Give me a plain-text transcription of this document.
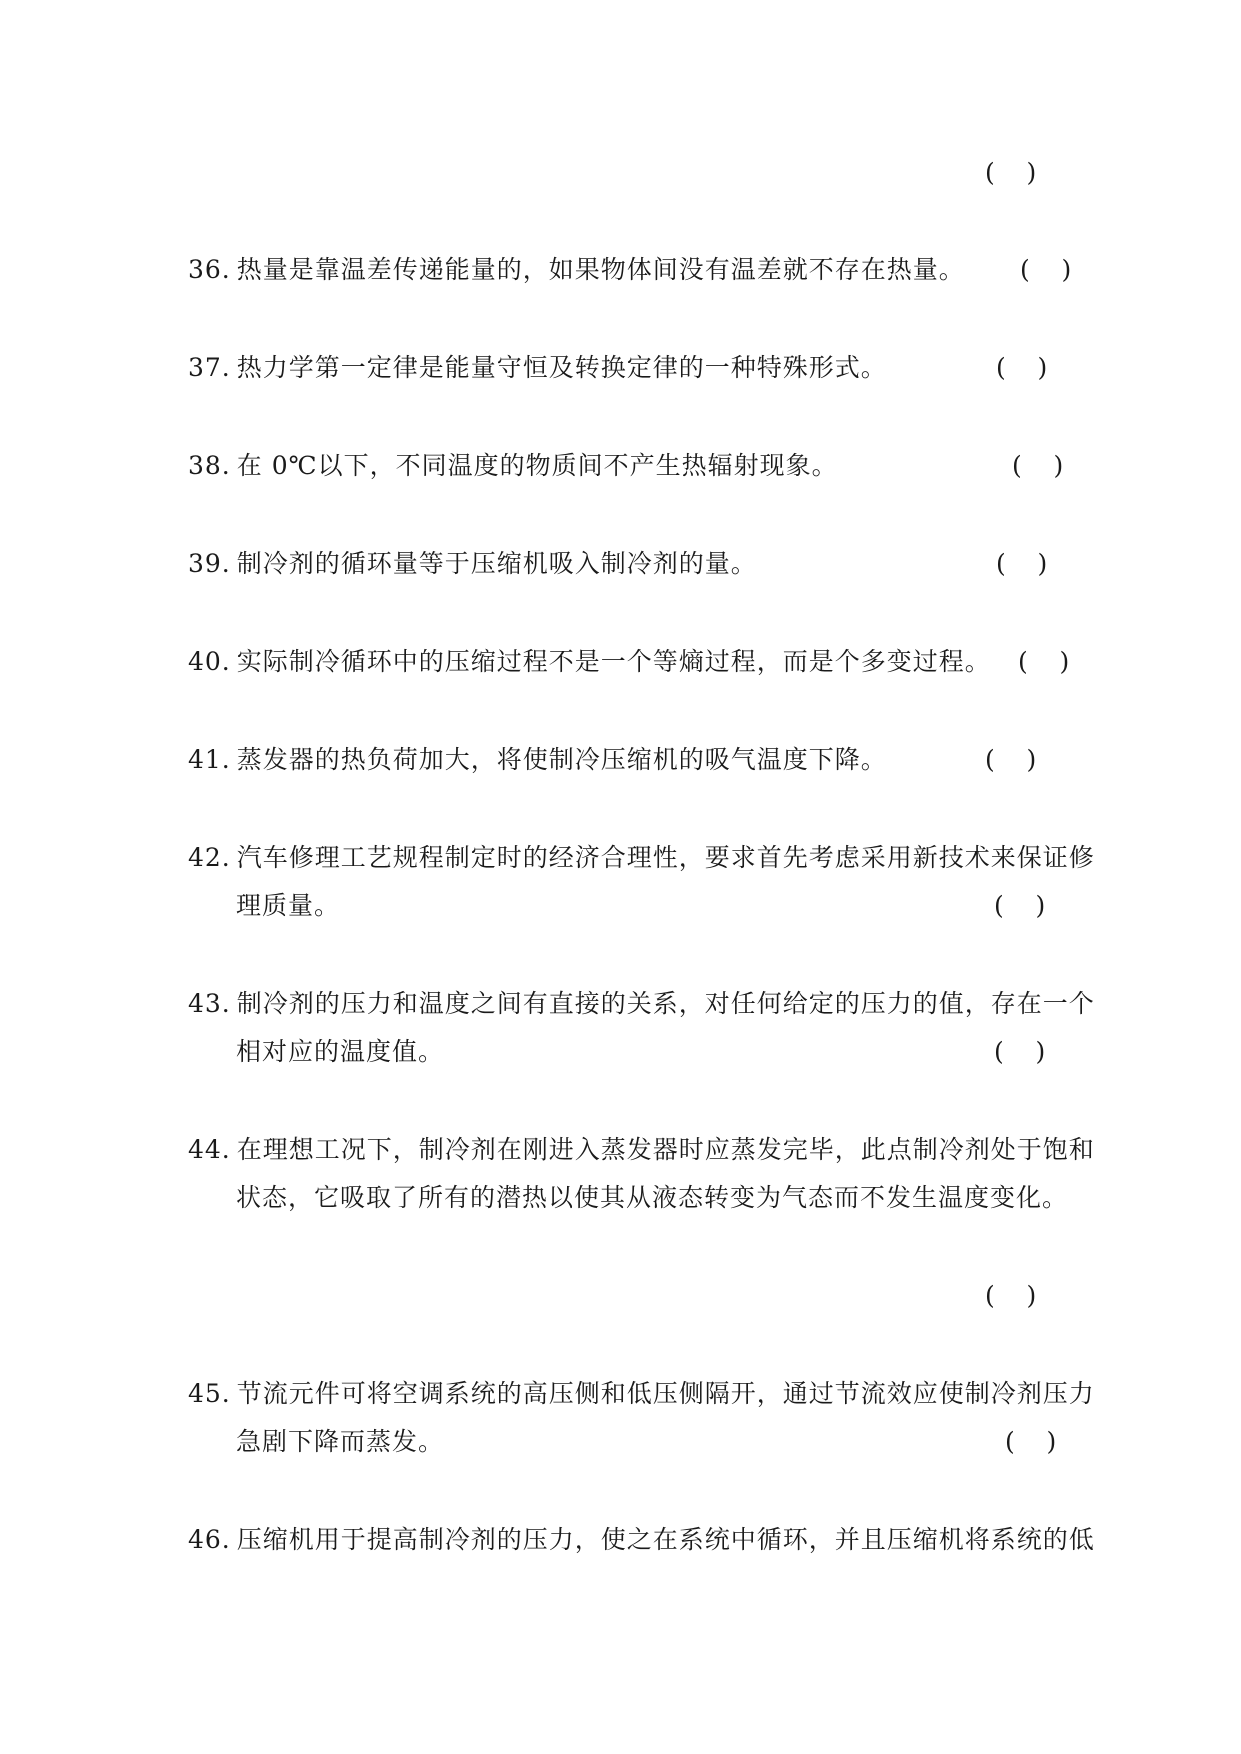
(    )
36. 热量是靠温差传递能量的，如果物体间没有温差就不存在热量。 (    )
37. 热力学第一定律是能量守恒及转换定律的一种特殊形式。	(    )
38. 在 0℃以下，不同温度的物质间不产生热辐射现象。	(    )
39. 制冷剂的循环量等于压缩机吸入制冷剂的量。	(    )
40. 实际制冷循环中的压缩过程不是一个等熵过程，而是个多变过程。 (    )
41. 蒸发器的热负荷加大，将使制冷压缩机的吸气温度下降。	(    )
42. 汽车修理工艺规程制定时的经济合理性，要求首先考虑采用新技术来保证修
理质量。	(    )
43. 制冷剂的压力和温度之间有直接的关系，对任何给定的压力的值，存在一个
相对应的温度值。	(    )
44. 在理想工况下，制冷剂在刚进入蒸发器时应蒸发完毕，此点制冷剂处于饱和
状态，它吸取了所有的潜热以使其从液态转变为气态而不发生温度变化。
(    )
45. 节流元件可将空调系统的高压侧和低压侧隔开，通过节流效应使制冷剂压力
急剧下降而蒸发。	(    )
46. 压缩机用于提高制冷剂的压力，使之在系统中循环，并且压缩机将系统的低
